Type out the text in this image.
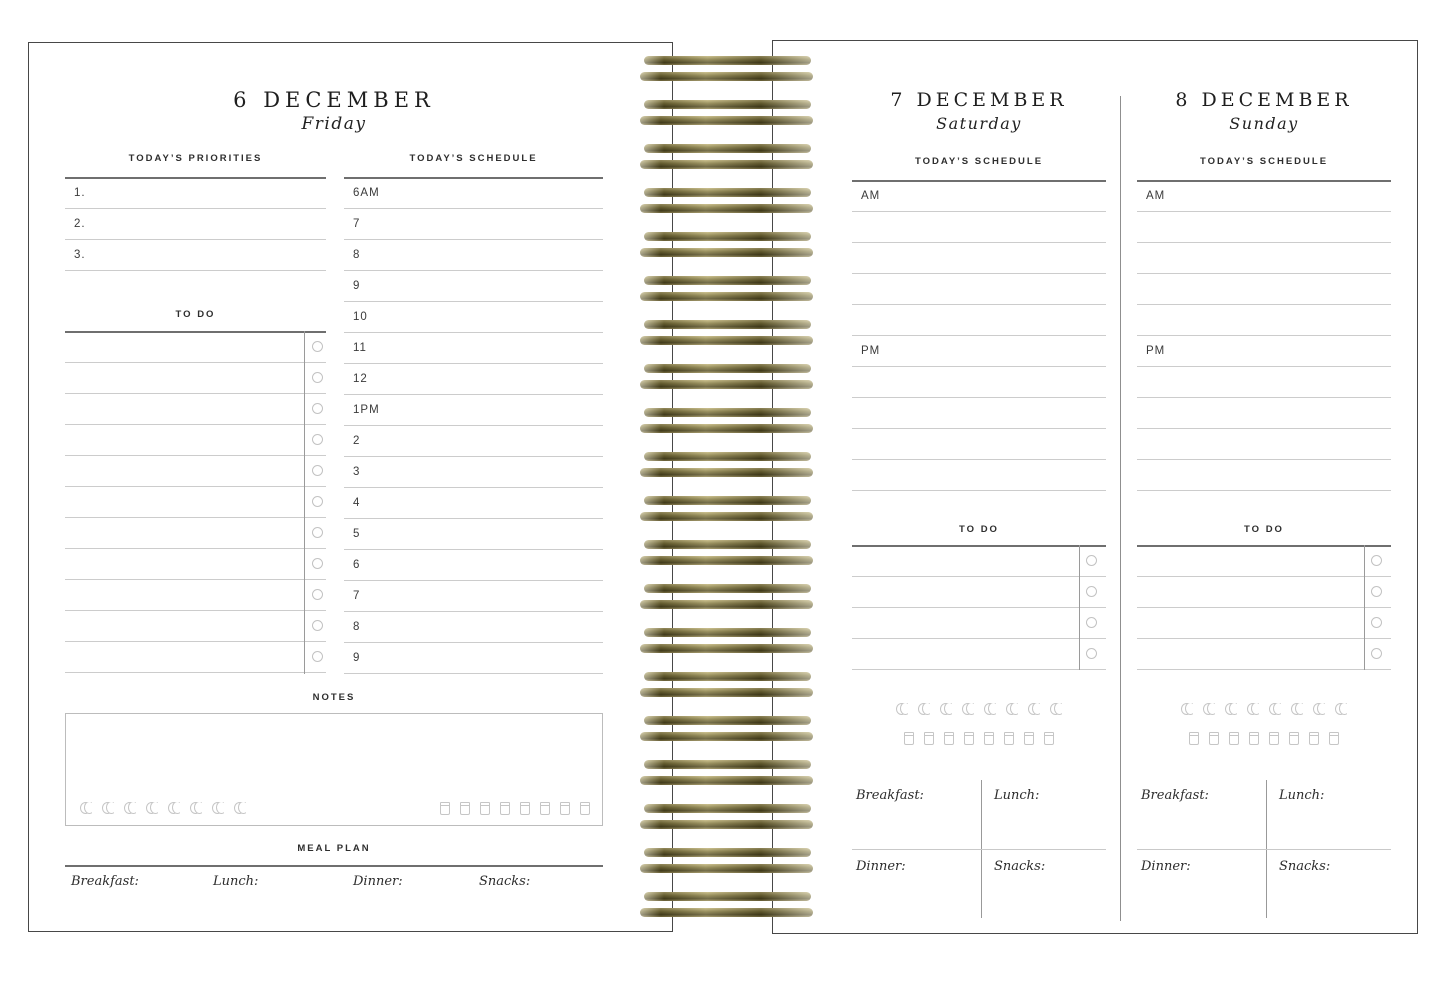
6 DECEMBER
Friday
TODAY’S PRIORITIES
1.
2.
3.
TO DO
TODAY’S SCHEDULE
6AM
7
8
9
10
11
12
1PM
2
3
4
5
6
7
8
9
NOTES
MEAL PLAN
Breakfast:	Lunch:	Dinner:	Snacks:
7 DECEMBER
Saturday
TODAY’S SCHEDULE
AM
PM
TO DO
Breakfast:	Lunch:
Dinner:	Snacks:
8 DECEMBER
Sunday
TODAY’S SCHEDULE
AM
PM
TO DO
Breakfast:	Lunch:
Dinner:	Snacks:
